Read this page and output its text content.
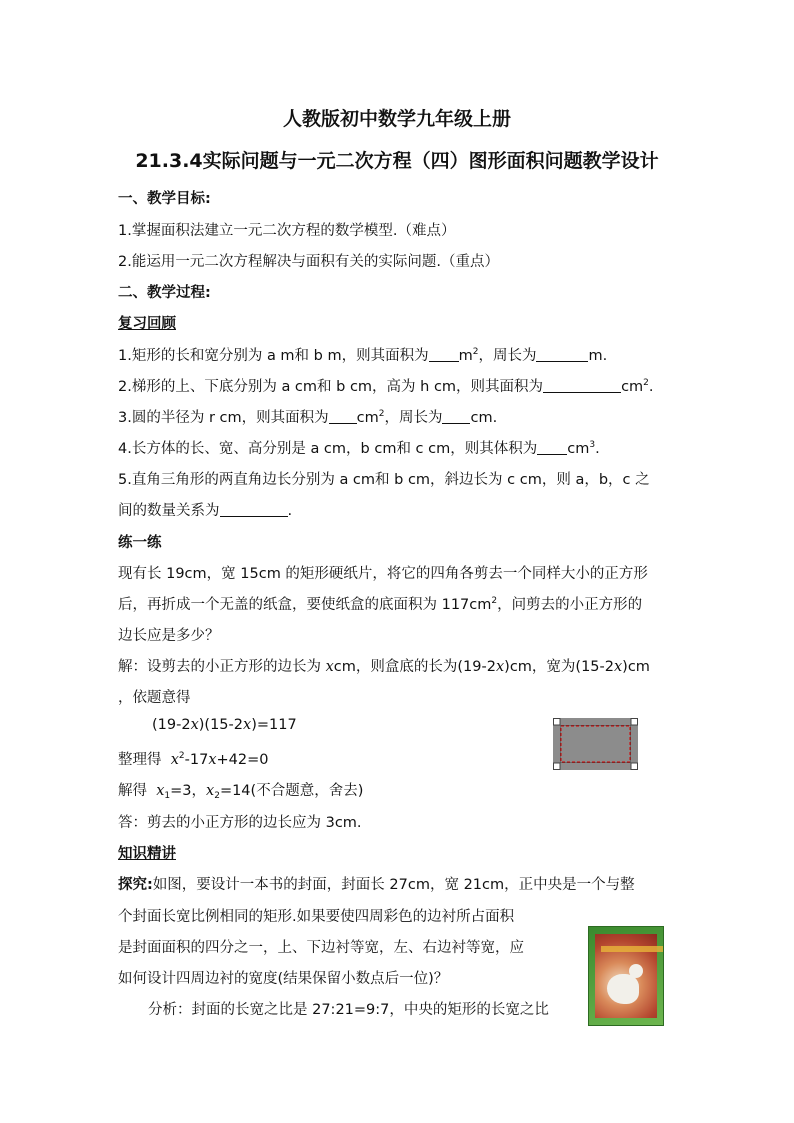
人教版初中数学九年级上册
21.3.4实际问题与一元二次方程（四）图形面积问题教学设计
一、教学目标:
1.掌握面积法建立一元二次方程的数学模型.（难点）
2.能运用一元二次方程解决与面积有关的实际问题.（重点）
二、教学过程:
复习回顾
1.矩形的长和宽分别为 a m和 b m，则其面积为 $m^2$，周长为	m.
2.梯形的上、下底分别为 a cm和 b cm，高为 h cm，则其面积为	$cm^2$.
3.圆的半径为 r cm，则其面积为 $cm^2$，周长为 cm.
4.长方体的长、宽、高分别是 a cm，b cm和 c cm，则其体积为 $cm^3$.
5.直角三角形的两直角边长分别为 a cm和 b cm，斜边长为 c cm，则 a，b，c 之
间的数量关系为	.
练一练
现有长 19cm，宽 15cm 的矩形硬纸片，将它的四角各剪去一个同样大小的正方形
后，再折成一个无盖的纸盒，要使纸盒的底面积为 $117cm^2$，问剪去的小正方形的
边长应是多少？
解：设剪去的小正方形的边长为 xcm，则盒底的长为(19-2x)cm，宽为(15-2x)cm
，依题意得
(19-2x)(15-2x)=117
整理得 $x^2-17x+42=0$
解得 $x_1=3$，$x_2=14$(不合题意，舍去)
答：剪去的小正方形的边长应为 3cm.
知识精讲
探究:如图，要设计一本书的封面，封面长 27cm，宽 21cm，正中央是一个与整
个封面长宽比例相同的矩形.如果要使四周彩色的边衬所占面积
是封面面积的四分之一，上、下边衬等宽，左、右边衬等宽，应
如何设计四周边衬的宽度(结果保留小数点后一位)？
分析：封面的长宽之比是 27:21=9:7，中央的矩形的长宽之比
